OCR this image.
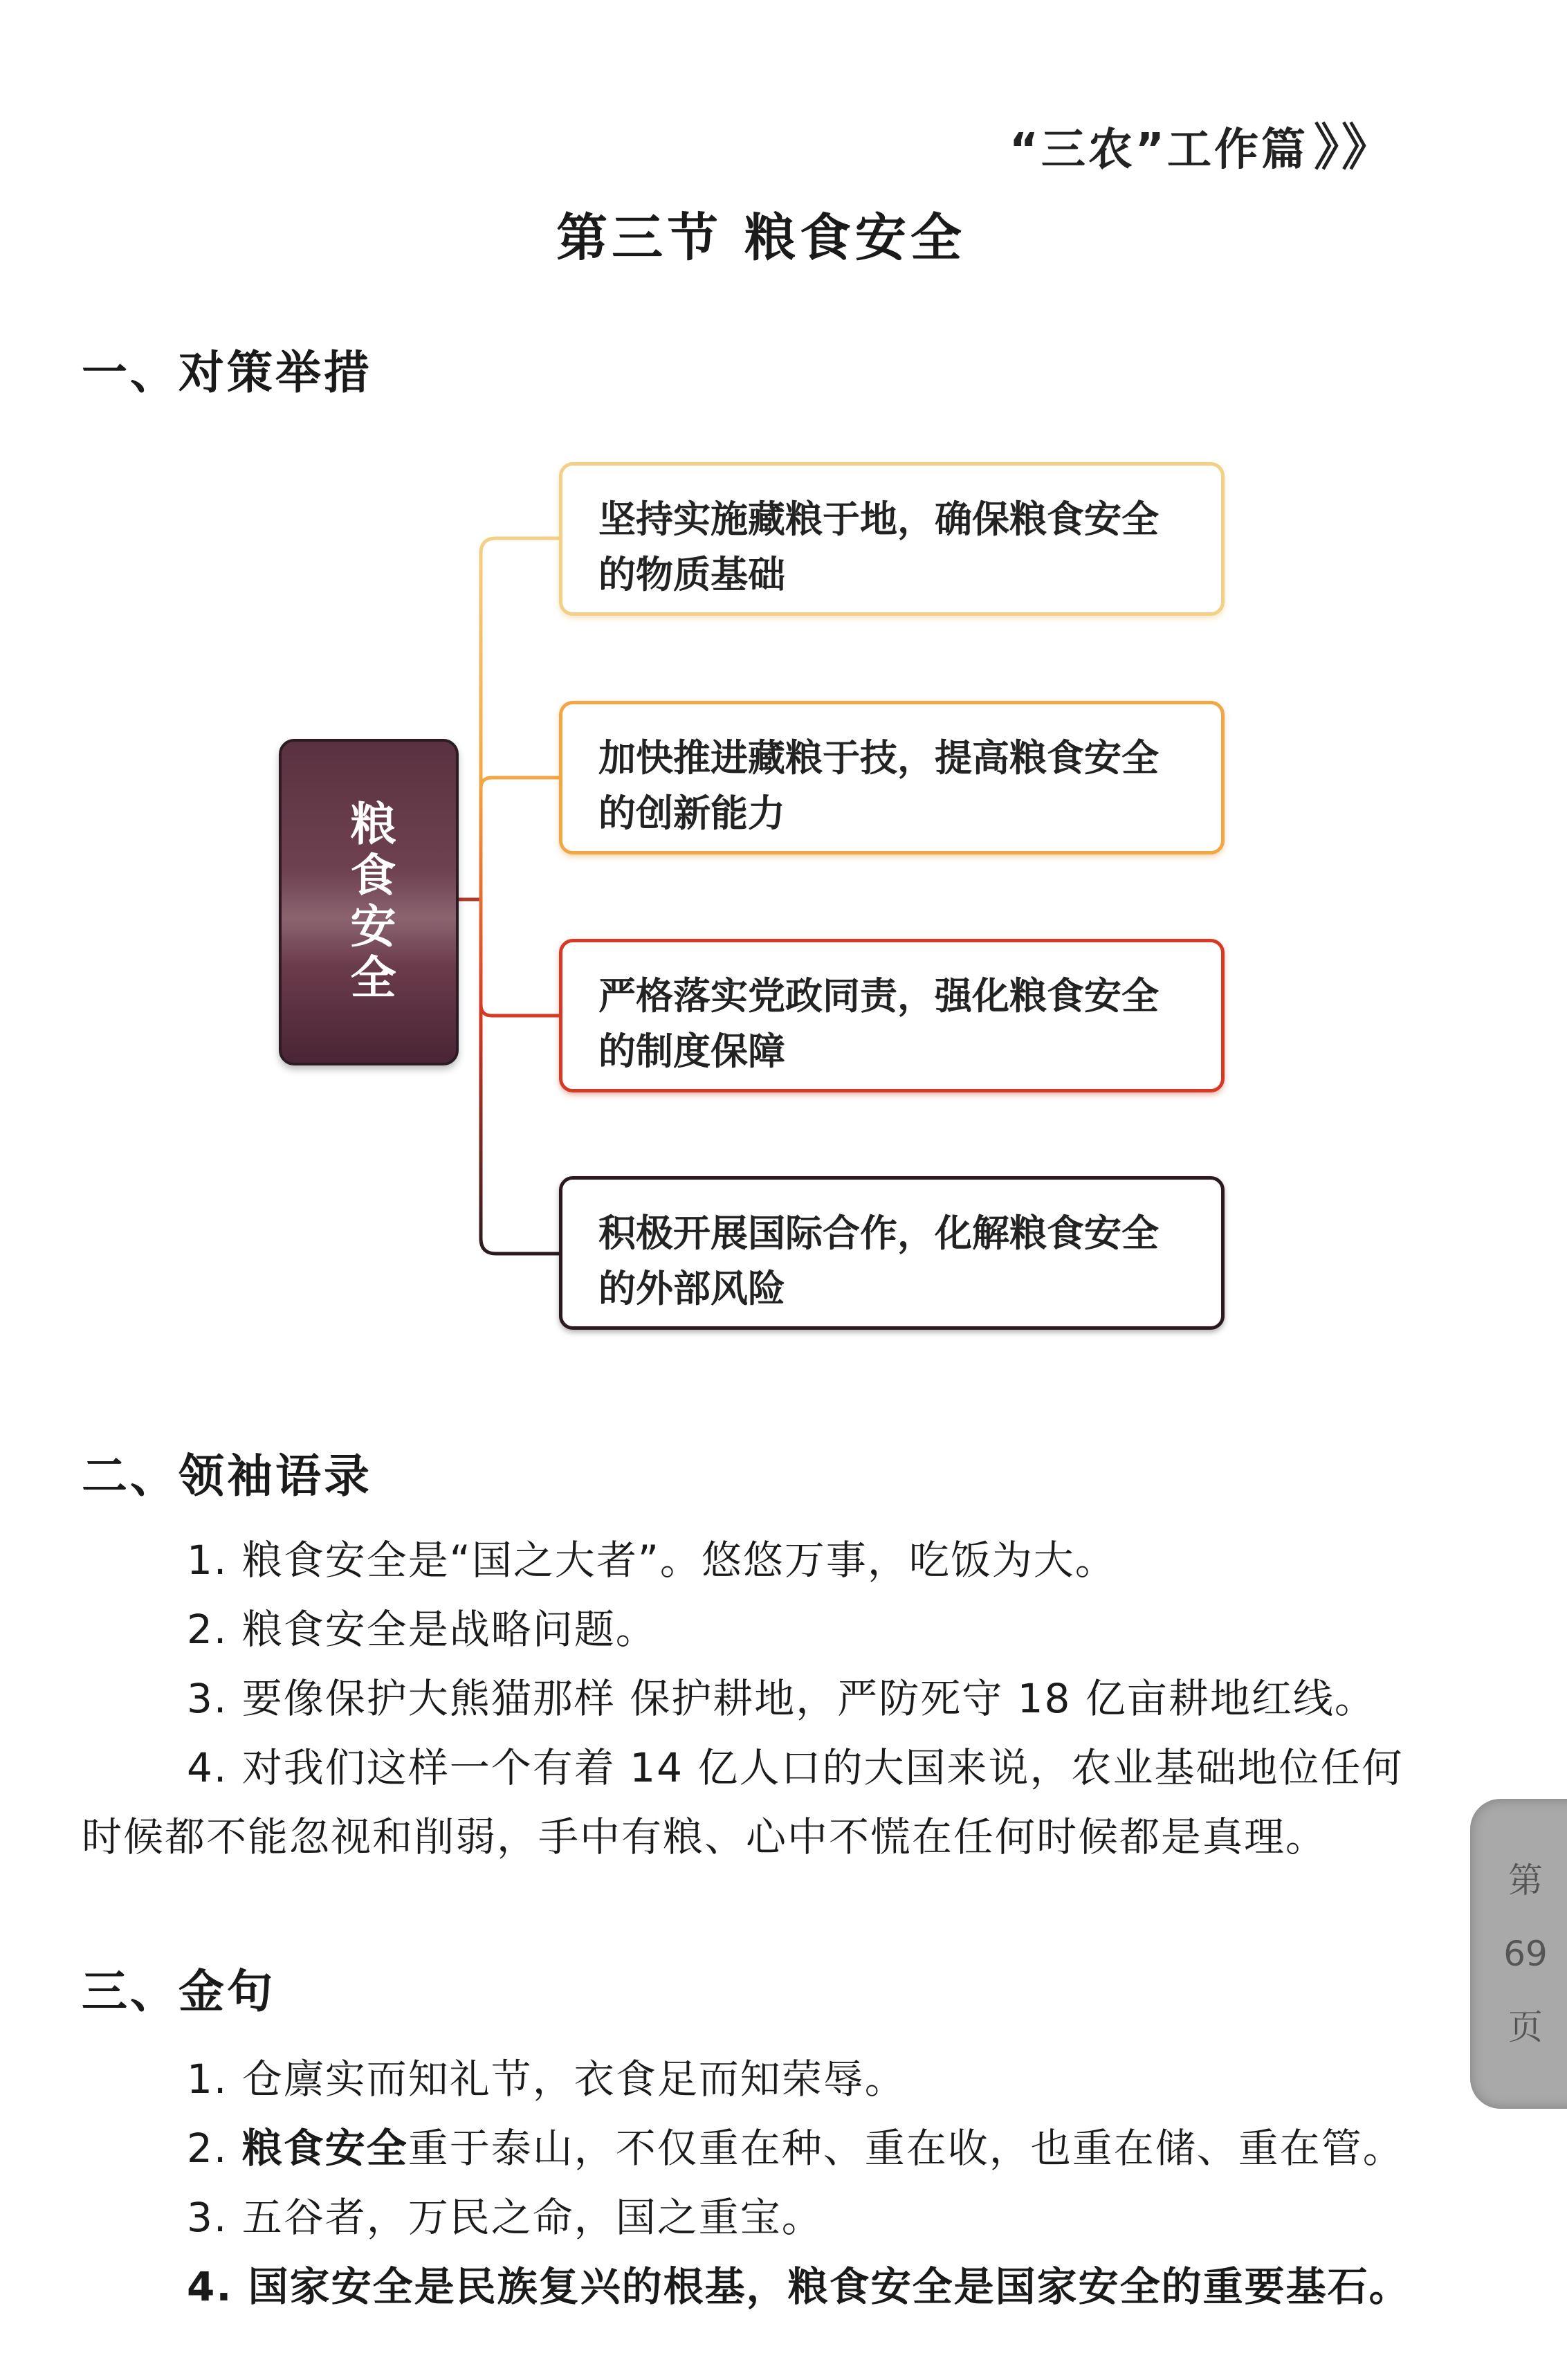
“三农”工作篇 》》
第三节 粮食安全
一、对策举措
粮食安全
坚持实施藏粮于地，确保粮食安全
的物质基础
加快推进藏粮于技，提高粮食安全
的创新能力
严格落实党政同责，强化粮食安全
的制度保障
积极开展国际合作，化解粮食安全
的外部风险
二、领袖语录
1. 粮食安全是“国之大者”。悠悠万事，吃饭为大。
2. 粮食安全是战略问题。
3. 要像保护大熊猫那样 保护耕地，严防死守 18 亿亩耕地红线。
4. 对我们这样一个有着 14 亿人口的大国来说，农业基础地位任何时候都不能忽视和削弱，手中有粮、心中不慌在任何时候都是真理。
三、金句
1. 仓廪实而知礼节，衣食足而知荣辱。
2. 粮食安全重于泰山，不仅重在种、重在收，也重在储、重在管。
3. 五谷者，万民之命，国之重宝。
4. 国家安全是民族复兴的根基，粮食安全是国家安全的重要基石。
第
69
页
